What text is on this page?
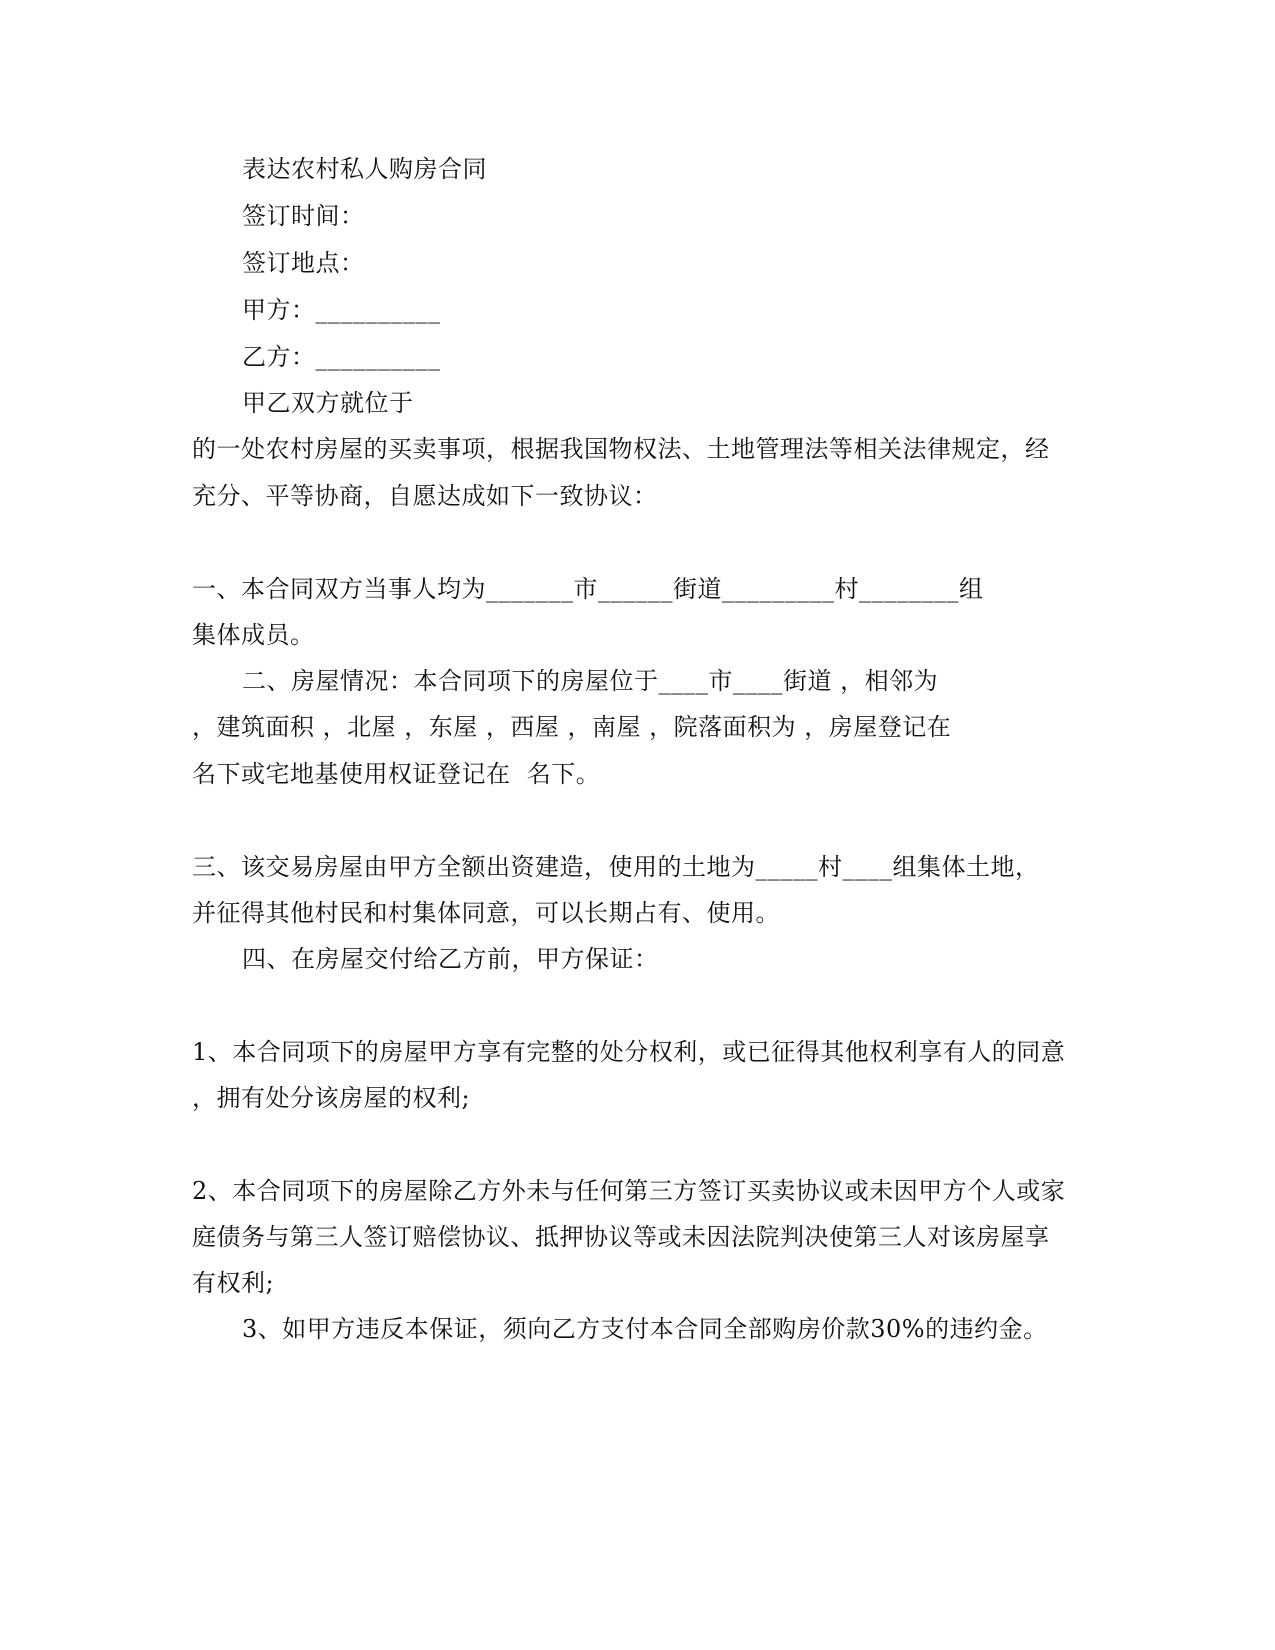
表达农村私人购房合同
签订时间：
签订地点：
甲方：__________
乙方：__________
甲乙双方就位于
的一处农村房屋的买卖事项，根据我国物权法、土地管理法等相关法律规定，经
充分、平等协商，自愿达成如下一致协议：
一、本合同双方当事人均为_______市______街道_________村________组
集体成员。
二、房屋情况：本合同项下的房屋位于____市____街道 ，相邻为
，建筑面积 ，北屋 ，东屋 ，西屋 ，南屋 ，院落面积为 ，房屋登记在
名下或宅地基使用权证登记在  名下。
三、该交易房屋由甲方全额出资建造，使用的土地为_____村____组集体土地，
并征得其他村民和村集体同意，可以长期占有、使用。
四、在房屋交付给乙方前，甲方保证：
1、本合同项下的房屋甲方享有完整的处分权利，或已征得其他权利享有人的同意
，拥有处分该房屋的权利;
2、本合同项下的房屋除乙方外未与任何第三方签订买卖协议或未因甲方个人或家
庭债务与第三人签订赔偿协议、抵押协议等或未因法院判决使第三人对该房屋享
有权利;
3、如甲方违反本保证，须向乙方支付本合同全部购房价款30%的违约金。
